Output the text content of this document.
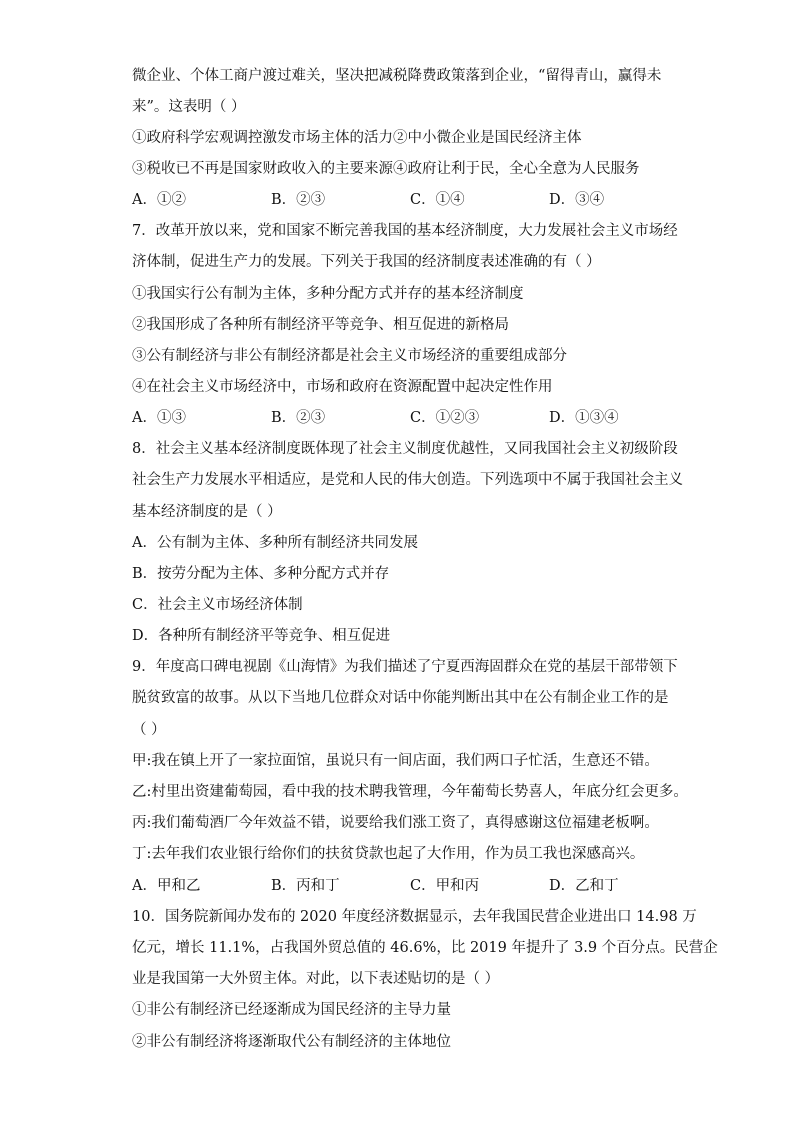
微企业、个体工商户渡过难关，坚决把减税降费政策落到企业，“留得青山，赢得未
来”。这表明（ ）
①政府科学宏观调控激发市场主体的活力②中小微企业是国民经济主体
③税收已不再是国家财政收入的主要来源④政府让利于民，全心全意为人民服务
A．①②	B．②③	C．①④	D．③④
7．改革开放以来，党和国家不断完善我国的基本经济制度，大力发展社会主义市场经
济体制，促进生产力的发展。下列关于我国的经济制度表述准确的有（ ）
①我国实行公有制为主体，多种分配方式并存的基本经济制度
②我国形成了各种所有制经济平等竞争、相互促进的新格局
③公有制经济与非公有制经济都是社会主义市场经济的重要组成部分
④在社会主义市场经济中，市场和政府在资源配置中起决定性作用
A．①③	B．②③	C．①②③	D．①③④
8．社会主义基本经济制度既体现了社会主义制度优越性，又同我国社会主义初级阶段
社会生产力发展水平相适应，是党和人民的伟大创造。下列选项中不属于我国社会主义
基本经济制度的是（ ）
A．公有制为主体、多种所有制经济共同发展
B．按劳分配为主体、多种分配方式并存
C．社会主义市场经济体制
D．各种所有制经济平等竞争、相互促进
9．年度高口碑电视剧《山海情》为我们描述了宁夏西海固群众在党的基层干部带领下
脱贫致富的故事。从以下当地几位群众对话中你能判断出其中在公有制企业工作的是
（ ）
甲:我在镇上开了一家拉面馆，虽说只有一间店面，我们两口子忙活，生意还不错。
乙:村里出资建葡萄园，看中我的技术聘我管理，今年葡萄长势喜人，年底分红会更多。
丙:我们葡萄酒厂今年效益不错，说要给我们涨工资了，真得感谢这位福建老板啊。
丁:去年我们农业银行给你们的扶贫贷款也起了大作用，作为员工我也深感高兴。
A．甲和乙	B．丙和丁	C．甲和丙	D．乙和丁
10．国务院新闻办发布的 2020 年度经济数据显示，去年我国民营企业进出口 14.98 万
亿元，增长 11.1%，占我国外贸总值的 46.6%，比 2019 年提升了 3.9 个百分点。民营企
业是我国第一大外贸主体。对此，以下表述贴切的是（ ）
①非公有制经济已经逐渐成为国民经济的主导力量
②非公有制经济将逐渐取代公有制经济的主体地位
